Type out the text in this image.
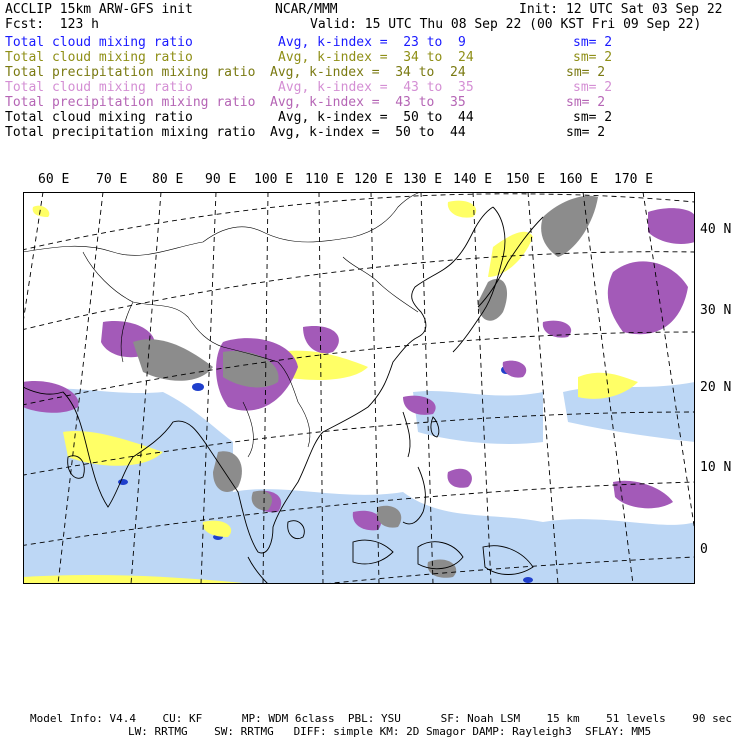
ACCLIP 15km ARW-GFS init	NCAR/MMM	Init: 12 UTC Sat 03 Sep 22
Fcst:  123 h	Valid: 15 UTC Thu 08 Sep 22 (00 KST Fri 09 Sep 22)
Total cloud mixing ratio	Avg, k-index =  23 to  9	sm= 2
Total cloud mixing ratio	Avg, k-index =  34 to  24	sm= 2
Total precipitation mixing ratio Avg, k-index =  34 to  24	sm= 2
Total cloud mixing ratio	Avg, k-index =  43 to  35	sm= 2
Total precipitation mixing ratio Avg, k-index =  43 to  35	sm= 2
Total cloud mixing ratio	Avg, k-index =  50 to  44	sm= 2
Total precipitation mixing ratio Avg, k-index =  50 to  44	sm= 2
60 E 70 E 80 E 90 E 100 E 110 E 120 E 130 E 140 E 150 E 160 E 170 E
40 N
30 N
20 N
10 N
0
Model Info: V4.4    CU: KF      MP: WDM 6class  PBL: YSU      SF: Noah LSM    15 km    51 levels    90 sec
LW: RRTMG    SW: RRTMG   DIFF: simple KM: 2D Smagor DAMP: Rayleigh3  SFLAY: MM5
